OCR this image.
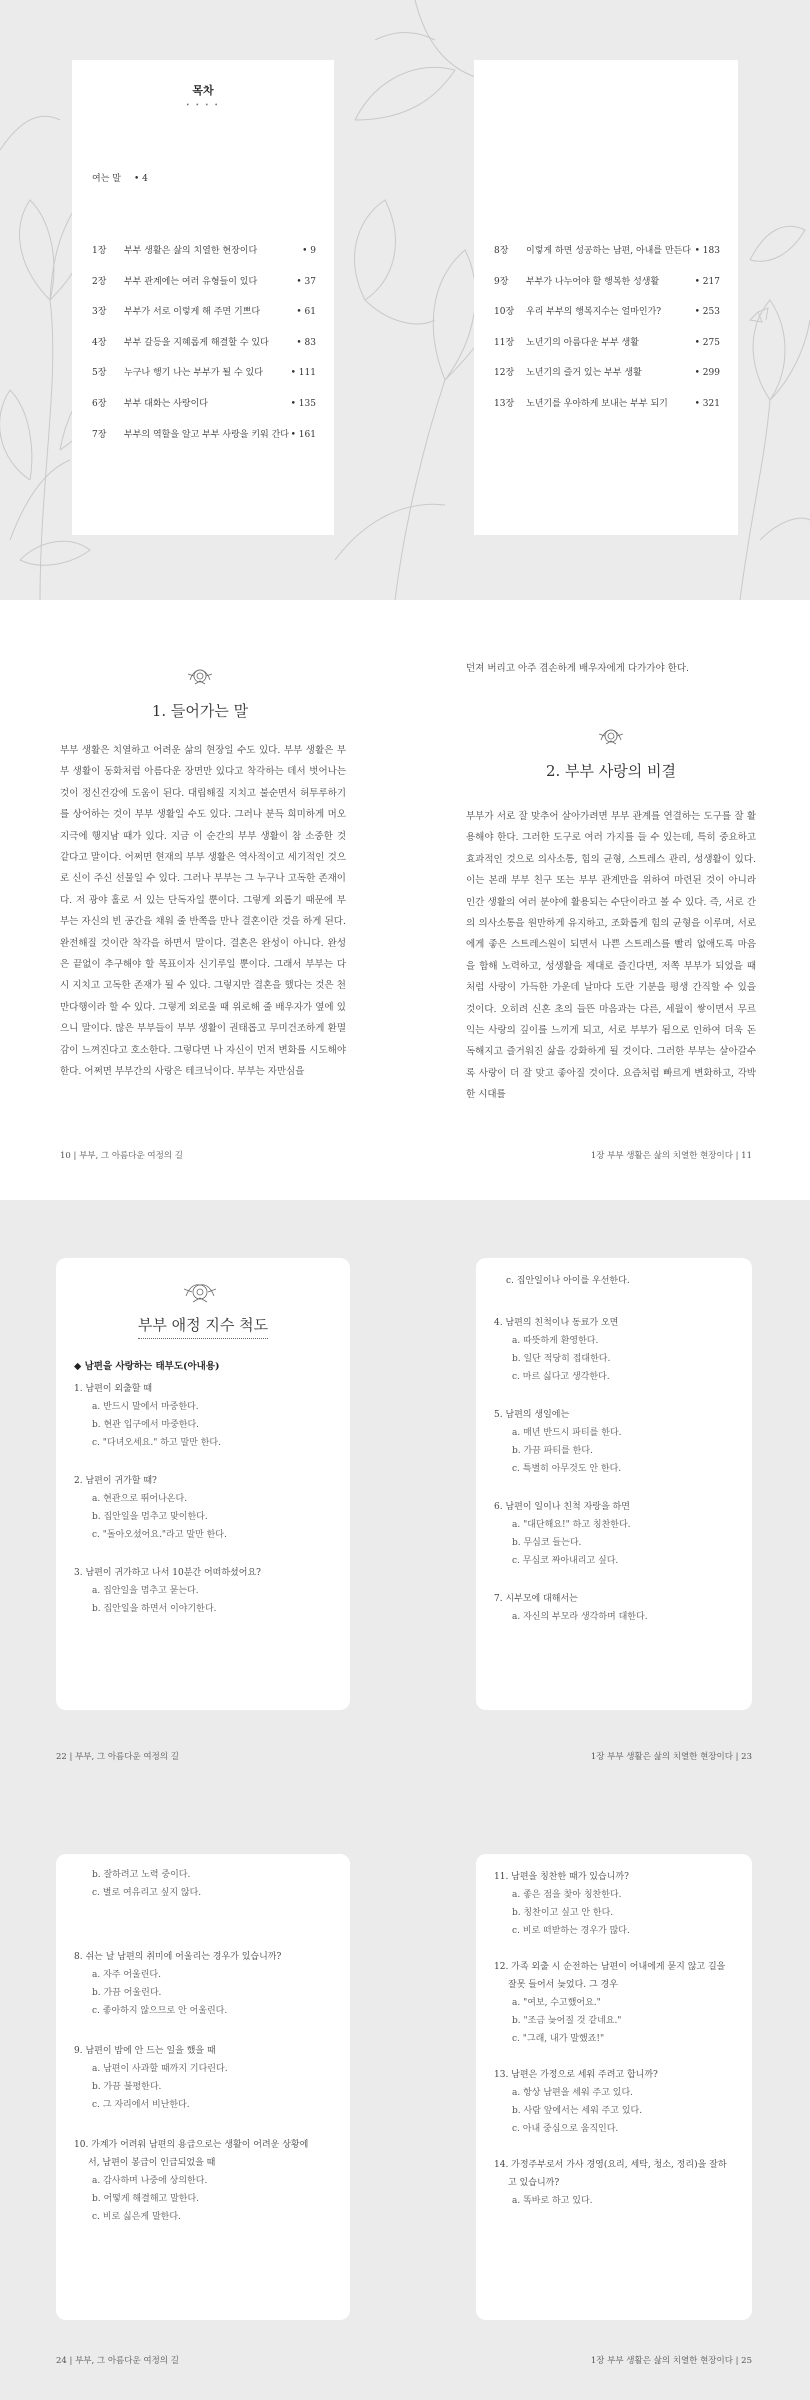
목차
• • • •
여는 말 • 4
1장 부부 생활은 삶의 치열한 현장이다	• 9
2장 부부 관계에는 여러 유형들이 있다	• 37
3장 부부가 서로 이렇게 해 주면 기쁘다	• 61
4장 부부 갈등을 지혜롭게 해결할 수 있다	• 83
5장 누구나 행기 나는 부부가 될 수 있다	• 111
6장 부부 대화는 사랑이다	• 135
7장 부부의 역할을 알고 부부 사랑을 키워 간다 • 161
8장 이렇게 하면 성공하는 남편, 아내를 만든다 • 183
9장 부부가 나누어야 할 행복한 성생활	• 217
10장 우리 부부의 행복지수는 얼마인가?	• 253
11장 노년기의 아름다운 부부 생활	• 275
12장 노년기의 즐거 있는 부부 생활	• 299
13장 노년기를 우아하게 보내는 부부 되기	• 321
1. 들어가는 말

부부 생활은 치열하고 어려운 삶의 현장일 수도 있다. 부부 생활은 부부 생활이 동화처럼 아름다운 장면만 있다고 착각하는 데서 벗어나는 것이 정신건강에 도움이 된다. 대립해질 지치고 불순면서 허투루하기를 상어하는 것이 부부 생활일 수도 있다. 그러나 분득 희미하게 머오 지극에 행지남 때가 있다. 지금 이 순간의 부부 생활이 참 소중한 것 같다고 말이다. 어쩌면 현재의 부부 생활은 역사적이고 세기적인 것으로 신이 주신 선물일 수 있다. 그러나 부부는 그 누구나 고독한 존재이다. 저 광야 홀로 서 있는 단독자일 뿐이다. 그렇게 외롭기 때문에 부부는 자신의 빈 공간을 채워 줄 반쪽을 만나 결혼이란 것을 하게 된다. 완전해질 것이란 착각을 하면서 말이다. 결혼은 완성이 아니다. 완성은 끝없이 추구해야 할 목표이자 신기루일 뿐이다. 그래서 부부는 다시 지치고 고독한 존재가 될 수 있다. 그렇지만 결혼을 했다는 것은 천만다행이라 할 수 있다. 그렇게 외로울 때 위로해 줄 배우자가 옆에 있으니 말이다. 많은 부부들이 부부 생활이 권태롭고 무미건조하게 환멸감이 느껴진다고 호소한다. 그렇다면 나 자신이 먼저 변화를 시도해야 한다. 어쩌면 부부간의 사랑은 테크닉이다. 부부는 자만심을

던져 버리고 아주 겸손하게 배우자에게 다가가야 한다.

2. 부부 사랑의 비결

부부가 서로 잘 맞추어 살아가려면 부부 관계를 연결하는 도구를 잘 활용해야 한다. 그러한 도구로 여러 가지를 들 수 있는데, 특히 중요하고 효과적인 것으로 의사소통, 힘의 균형, 스트레스 관리, 성생활이 있다. 이는 본래 부부 친구 또는 부부 관계만을 위하여 마련된 것이 아니라 인간 생활의 여러 분야에 활용되는 수단이라고 볼 수 있다. 즉, 서로 간의 의사소통을 원만하게 유지하고, 조화롭게 힘의 균형을 이루며, 서로에게 좋은 스트레스원이 되면서 나쁜 스트레스를 빨리 없애도록 마음을 합해 노력하고, 성생활을 제대로 즐긴다면, 저쪽 부부가 되었을 때처럼 사랑이 가득한 가운데 날마다 도란 기분을 평생 간직할 수 있을 것이다. 오히려 신혼 초의 들뜬 마음과는 다른, 세월이 쌓이면서 무르익는 사랑의 깊이를 느끼게 되고, 서로 부부가 됨으로 인하여 더욱 돈독해지고 즐거워진 삶을 강화하게 될 것이다. 그러한 부부는 살아갈수록 사랑이 더 잘 맞고 좋아질 것이다. 요즘처럼 빠르게 변화하고, 각박한 시대를

10 | 부부, 그 아름다운 여정의 길	1장 부부 생활은 삶의 치열한 현장이다 | 11
부부 애정 지수 척도
◆ 남편을 사랑하는 태부도(아내용)
1. 남편이 외출할 때
a. 반드시 말에서 마중한다.
b. 현관 입구에서 마중한다.
c. "다녀오세요." 하고 말만 한다.
2. 남편이 귀가할 때?
a. 현관으로 뛰어나온다.
b. 집안일을 멈추고 맞이한다.
c. "돌아오셨어요."라고 말만 한다.
3. 남편이 귀가하고 나서 10분간 어떠하셨어요?
a. 집안일을 멈추고 묻는다.
b. 집안일을 하면서 이야기한다.
c. 집안일이나 아이를 우선한다.
4. 남편의 친척이나 동료가 오면
a. 따뜻하게 환영한다.
b. 일단 적당히 접대한다.
c. 마르 싫다고 생각한다.
5. 남편의 생일에는
a. 매년 반드시 파티를 한다.
b. 가끔 파티를 한다.
c. 특별히 아무것도 안 한다.
6. 남편이 일이나 친척 자랑을 하면
a. "대단해요!" 하고 칭찬한다.
b. 무심코 들는다.
c. 무심코 짜아내리고 싶다.
7. 시부모에 대해서는
a. 자신의 부모라 생각하며 대한다.
22 | 부부, 그 아름다운 여정의 길	1장 부부 생활은 삶의 치열한 현장이다 | 23
b. 잘하려고 노력 중이다.
c. 별로 여유리고 싶지 않다.
8. 쉬는 날 남편의 취미에 어울리는 경우가 있습니까?
a. 자주 어울린다.
b. 가끔 어울린다.
c. 좋아하지 않으므로 안 어울린다.
9. 남편이 밤에 안 드는 일을 했을 때
a. 남편이 사과할 때까지 기다린다.
b. 가끔 불평한다.
c. 그 자리에서 비난한다.
10. 가계가 어려워 남편의 용급으로는 생활이 어려운 상황에
서, 남편이 봉급이 인급되었을 때
a. 감사하며 나중에 상의한다.
b. 어떻게 해결해고 말한다.
c. 비로 싫은게 말한다.
11. 남편을 칭찬한 때가 있습니까?
a. 좋은 점을 찾아 칭찬한다.
b. 칭찬이고 싶고 안 한다.
c. 비로 떠받하는 경우가 많다.
12. 가족 외출 시 순전하는 남편이 어내에게 묻지 않고 길을
잘못 들어서 늦었다. 그 경우
a. "여보, 수고했어요."
b. "조금 늦어질 것 같네요."
c. "그래, 내가 말했죠!"
13. 남편은 가정으로 세워 주려고 합니까?
a. 항상 남편을 세워 주고 있다.
b. 사람 앞에서는 세워 주고 있다.
c. 아내 중심으로 움직인다.
14. 가정주부로서 가사 경영(요리, 세탁, 청소, 정리)을 잘하
고 있습니까?
a. 똑바로 하고 있다.
24 | 부부, 그 아름다운 여정의 길	1장 부부 생활은 삶의 치열한 현장이다 | 25
